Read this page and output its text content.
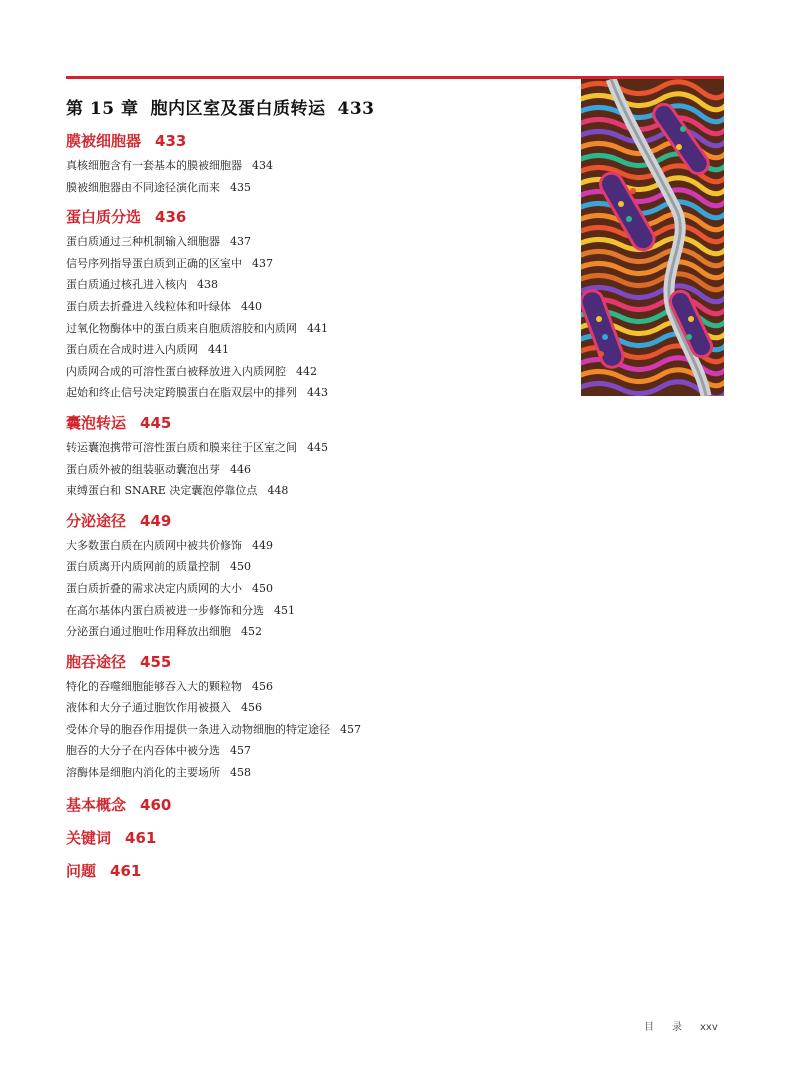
第 15 章 胞内区室及蛋白质转运 433
膜被细胞器 433
真核细胞含有一套基本的膜被细胞器 434
膜被细胞器由不同途径演化而来 435
蛋白质分选 436
蛋白质通过三种机制输入细胞器 437
信号序列指导蛋白质到正确的区室中 437
蛋白质通过核孔进入核内 438
蛋白质去折叠进入线粒体和叶绿体 440
过氧化物酶体中的蛋白质来自胞质溶胶和内质网 441
蛋白质在合成时进入内质网 441
内质网合成的可溶性蛋白被释放进入内质网腔 442
起始和终止信号决定跨膜蛋白在脂双层中的排列 443
囊泡转运 445
转运囊泡携带可溶性蛋白质和膜来往于区室之间 445
蛋白质外被的组装驱动囊泡出芽 446
束缚蛋白和 SNARE 决定囊泡停靠位点 448
分泌途径 449
大多数蛋白质在内质网中被共价修饰 449
蛋白质离开内质网前的质量控制 450
蛋白质折叠的需求决定内质网的大小 450
在高尔基体内蛋白质被进一步修饰和分选 451
分泌蛋白通过胞吐作用释放出细胞 452
胞吞途径 455
特化的吞噬细胞能够吞入大的颗粒物 456
液体和大分子通过胞饮作用被摄入 456
受体介导的胞吞作用提供一条进入动物细胞的特定途径 457
胞吞的大分子在内吞体中被分选 457
溶酶体是细胞内消化的主要场所 458
基本概念 460
关键词 461
问题 461
目 录 xxv
